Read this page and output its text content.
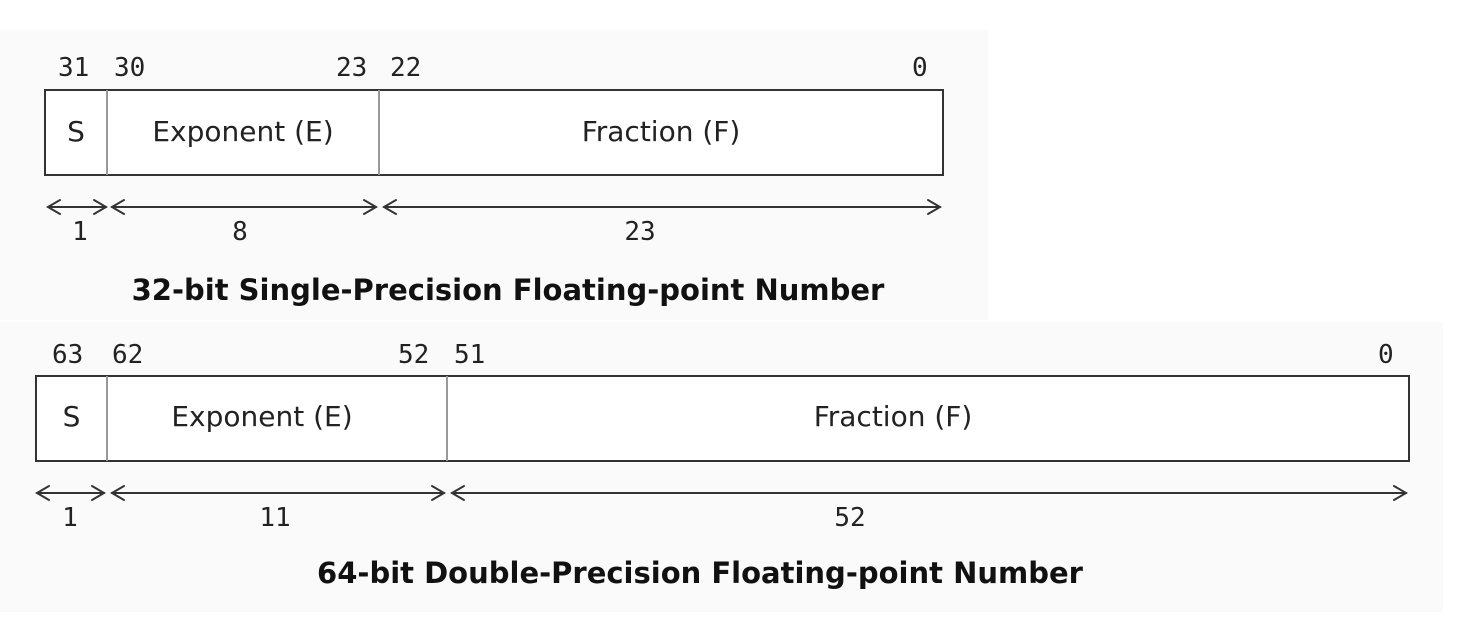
31 30	23 22	0
S	Exponent (E)	Fraction (F)
1	8	23
32-bit Single-Precision Floating-point Number
63 62	52 51	0
S	Exponent (E)	Fraction (F)
1	11	52
64-bit Double-Precision Floating-point Number
